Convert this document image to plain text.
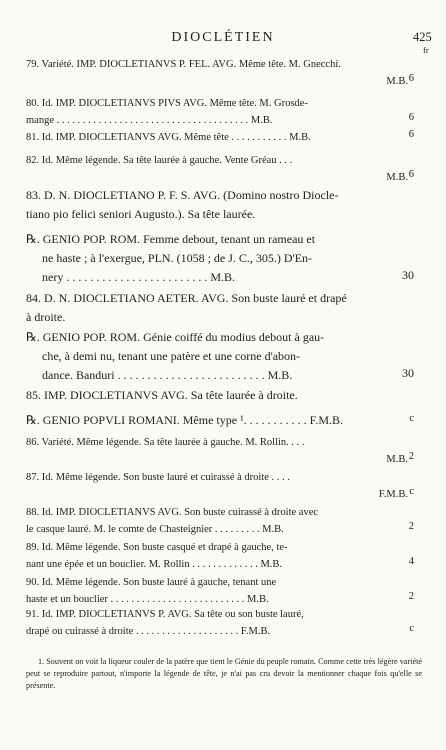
DIOCLÉTIEN	425
fr
79. Variété. IMP. DIOCLETIANVS P. FEL. AVG. Même tête. M. Gnecchi.
M.B. 6
80. Id. IMP. DIOCLETIANVS PIVS AVG. Même tête. M. Grosde-
mange . . . . . . . . . . . . . . . . . . . . . . . . . . . . . . . . . . . . . M.B.	6
81. Id. IMP. DIOCLETIANVS AVG. Même tête . . . . . . . . . . . M.B.	6
82. Id. Même légende. Sa tête laurée à gauche. Vente Gréau . . .
M.B. 6
83. D. N. DIOCLETIANO P. F. S. AVG. (Domino nostro Diocle-
tiano pio felici seniori Augusto.). Sa tête laurée.
℞. GENIO POP. ROM. Femme debout, tenant un rameau et
ne haste ; à l'exergue, PLN. (1058 ; de J. C., 305.) D'En-
nery . . . . . . . . . . . . . . . . . . . . . . . . M.B.	30
84. D. N. DIOCLETIANO AETER. AVG. Son buste lauré et drapé
à droite.
℞. GENIO POP. ROM. Génie coiffé du modius debout à gau-
che, à demi nu, tenant une patère et une corne d'abon-
dance. Banduri . . . . . . . . . . . . . . . . . . . . . . . . . M.B.	30
85. IMP. DIOCLETIANVS AVG. Sa tête laurée à droite.
℞. GENIO POPVLI ROMANI. Même type ¹. . . . . . . . . . . F.M.B.	c
86. Variété. Même légende. Sa tête laurée à gauche. M. Rollin. . . .
M.B. 2
87. Id. Même légende. Son buste lauré et cuirassé à droite . . . .
F.M.B. c
88. Id. IMP. DIOCLETIANVS AVG. Son buste cuirassé à droite avec
le casque lauré. M. le comte de Chasteignier . . . . . . . . . M.B.	2
89. Id. Même légende. Son buste casqué et drapé à gauche, te-
nant une épée et un bouclier. M. Rollin . . . . . . . . . . . . . M.B.	4
90. Id. Même légende. Son buste lauré à gauche, tenant une
haste et un bouclier . . . . . . . . . . . . . . . . . . . . . . . . . . M.B.	2
91. Id. IMP. DIOCLETIANVS P. AVG. Sa tête ou son buste lauré,
drapé ou cuirassé à droite . . . . . . . . . . . . . . . . . . . . F.M.B.	c

1. Souvent on voit la liqueur couler de la patère que tient le Génie du peuple romain. Comme cette très légère variété peut se reproduire partout, n'importe la légende de tête, je n'ai pas cru devoir la mentionner chaque fois qu'elle se présente.
